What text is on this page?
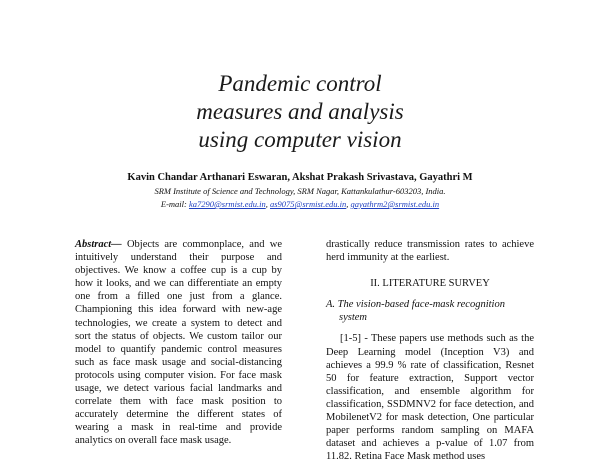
Pandemic control
measures and analysis
using computer vision
Kavin Chandar Arthanari Eswaran, Akshat Prakash Srivastava, Gayathri M
SRM Institute of Science and Technology, SRM Nagar, Kattankulathur-603203, India.
E-mail: ka7290@srmist.edu.in, as9075@srmist.edu.in, gayathrm2@srmist.edu.in

Abstract— Objects are commonplace, and we intuitively understand their purpose and objectives. We know a coffee cup is a cup by how it looks, and we can differentiate an empty one from a filled one just from a glance. Championing this idea forward with new-age technologies, we create a system to detect and sort the status of objects. We custom tailor our model to quantify pandemic control measures such as face mask usage and social-distancing protocols using computer vision. For face mask usage, we detect various facial landmarks and correlate them with face mask position to accurately determine the different states of wearing a mask in real-time and provide analytics on overall face mask usage.

drastically reduce transmission rates to achieve herd immunity at the earliest.

II. LITERATURE SURVEY
A. The vision-based face-mask recognition
system

[1-5] - These papers use methods such as the Deep Learning model (Inception V3) and achieves a 99.9 % rate of classification, Resnet 50 for feature extraction, Support vector classification, and ensemble algorithm for classification, SSDMNV2 for face detection, and MobilenetV2 for mask detection, One particular paper performs random sampling on MAFA dataset and achieves a p-value of 1.07 from 11.82. Retina Face Mask method uses
